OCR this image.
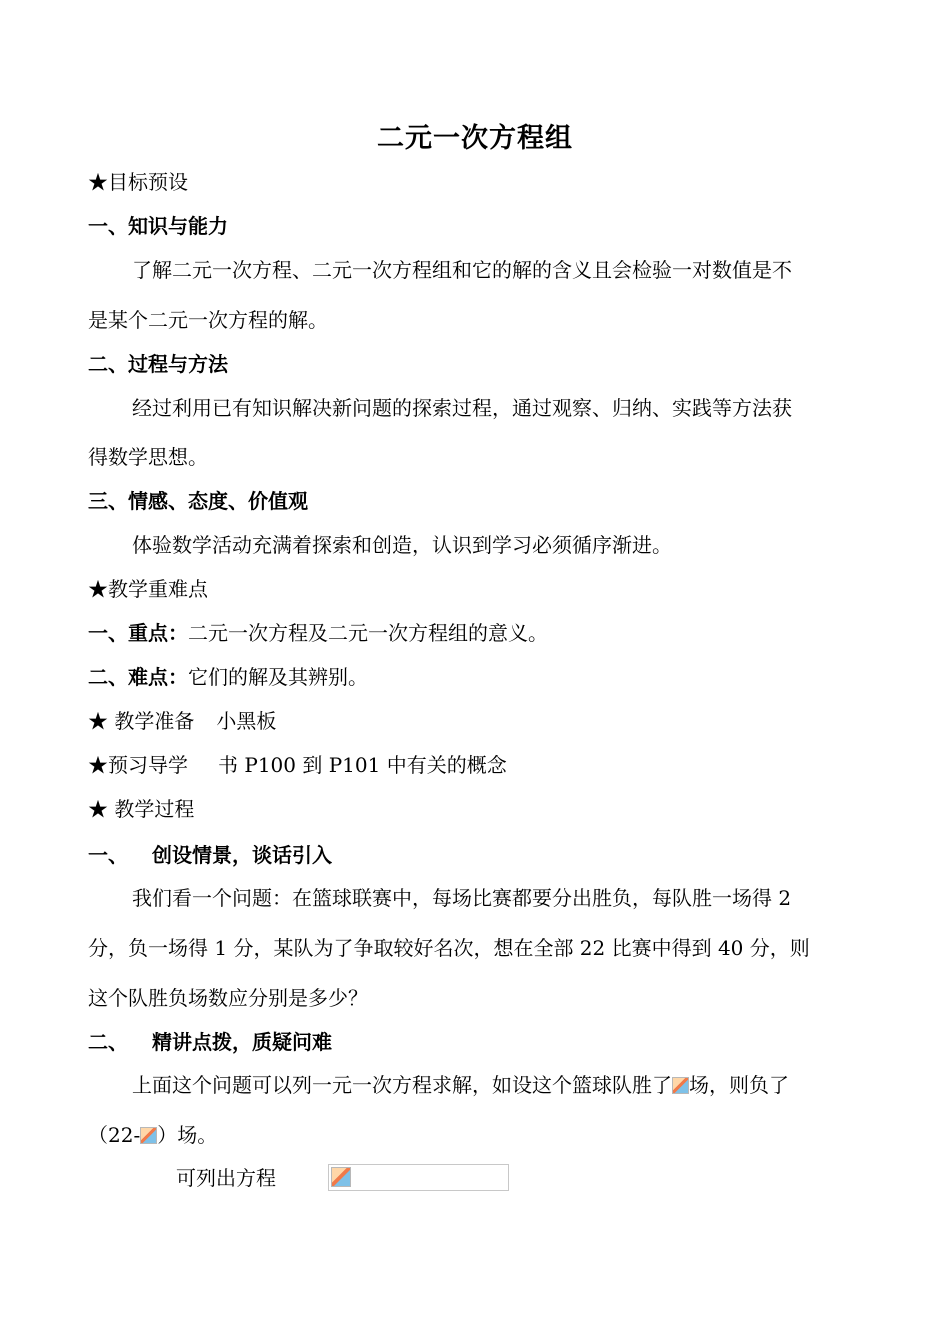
二元一次方程组
★目标预设
一、知识与能力
了解二元一次方程、二元一次方程组和它的解的含义且会检验一对数值是不
是某个二元一次方程的解。
二、过程与方法
经过利用已有知识解决新问题的探索过程，通过观察、归纳、实践等方法获
得数学思想。
三、情感、态度、价值观
体验数学活动充满着探索和创造，认识到学习必须循序渐进。
★教学重难点
一、重点：二元一次方程及二元一次方程组的意义。
二、难点：它们的解及其辨别。
★ 教学准备 小黑板
★预习导学 书 P100 到 P101 中有关的概念
★ 教学过程
一、 创设情景，谈话引入
我们看一个问题：在篮球联赛中，每场比赛都要分出胜负，每队胜一场得 2
分，负一场得 1 分，某队为了争取较好名次，想在全部 22 比赛中得到 40 分，则
这个队胜负场数应分别是多少？
二、 精讲点拨，质疑问难
上面这个问题可以列一元一次方程求解，如设这个篮球队胜了 场，则负了
（22- ）场。
可列出方程
